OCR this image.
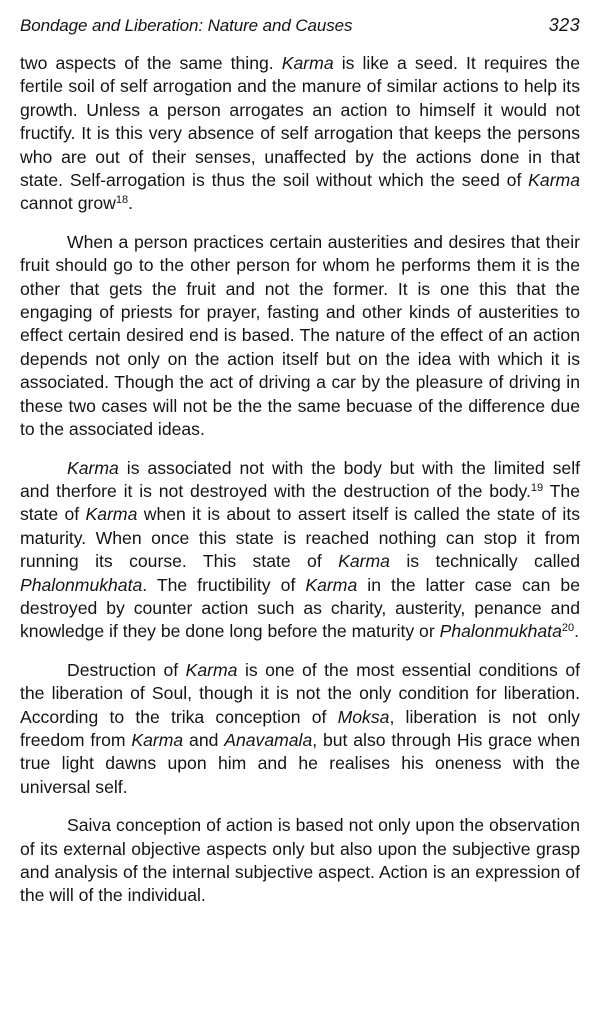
Bondage and Liberation: Nature and Causes	323

two aspects of the same thing. Karma is like a seed. It requires the fertile soil of self arrogation and the manure of similar actions to help its growth. Unless a person arrogates an action to himself it would not fructify. It is this very absence of self arrogation that keeps the persons who are out of their senses, unaffected by the actions done in that state. Self-arrogation is thus the soil without which the seed of Karma cannot grow$^{18}$.

When a person practices certain austerities and desires that their fruit should go to the other person for whom he performs them it is the other that gets the fruit and not the former. It is one this that the engaging of priests for prayer, fasting and other kinds of austerities to effect certain desired end is based. The nature of the effect of an action depends not only on the action itself but on the idea with which it is associated. Though the act of driving a car by the pleasure of driving in these two cases will not be the the same becuase of the difference due to the associated ideas.

Karma is associated not with the body but with the limited self and therfore it is not destroyed with the destruction of the body.$^{19}$ The state of Karma when it is about to assert itself is called the state of its maturity. When once this state is reached nothing can stop it from running its course. This state of Karma is technically called Phalonmukhata. The fructibility of Karma in the latter case can be destroyed by counter action such as charity, austerity, penance and knowledge if they be done long before the maturity or Phalonmukhata$^{20}$.

Destruction of Karma is one of the most essential conditions of the liberation of Soul, though it is not the only condition for liberation. According to the trika conception of Moksa, liberation is not only freedom from Karma and Anavamala, but also through His grace when true light dawns upon him and he realises his oneness with the universal self.

Saiva conception of action is based not only upon the observation of its external objective aspects only but also upon the subjective grasp and analysis of the internal subjective aspect. Action is an expression of the will of the individual.
